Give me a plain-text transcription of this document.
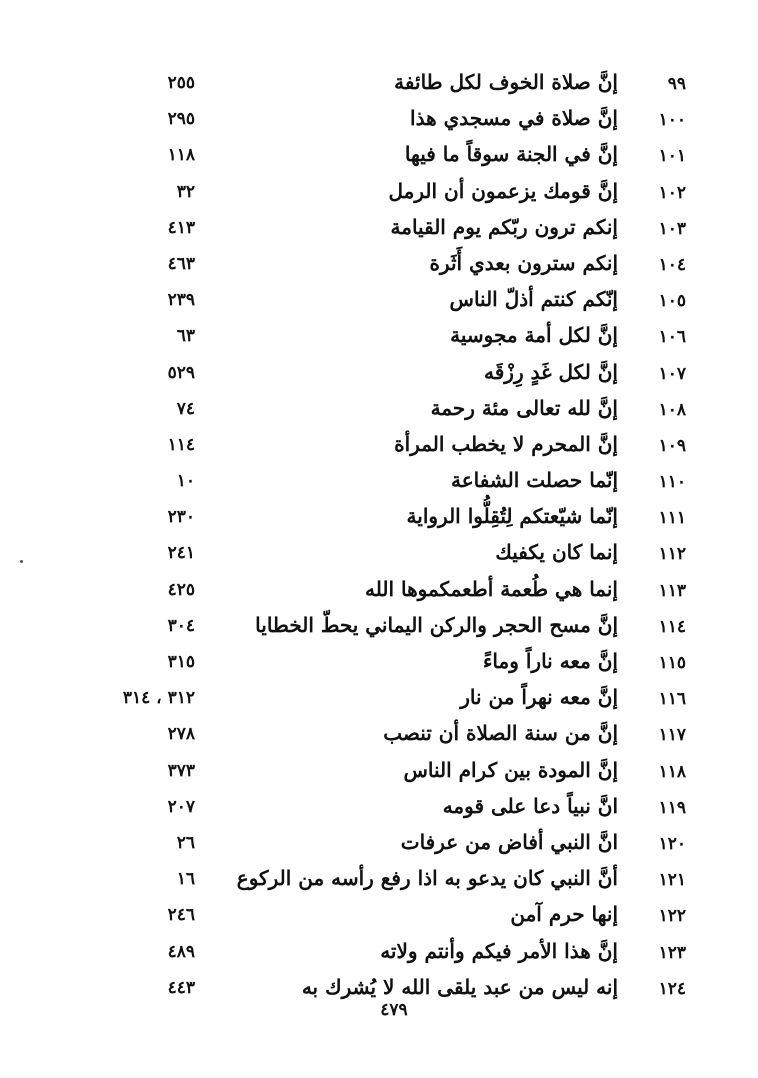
٩٩
إنَّ صلاة الخوف لكل طائفة
٢٥٥
١٠٠
إنَّ صلاة في مسجدي هذا
٢٩٥
١٠١
إنَّ في الجنة سوقاً ما فيها
١١٨
١٠٢
إنَّ قومك يزعمون أن الرمل
٣٢
١٠٣
إنكم ترون ربّكم يوم القيامة
٤١٣
١٠٤
إنكم سترون بعدي أَثَرة
٤٦٣
١٠٥
إنّكم كنتم أذلّ الناس
٢٣٩
١٠٦
إنَّ لكل أمة مجوسية
٦٣
١٠٧
إنَّ لكل غَدٍ رِزْقَه
٥٢٩
١٠٨
إنَّ لله تعالى مئة رحمة
٧٤
١٠٩
إنَّ المحرم لا يخطب المرأة
١١٤
١١٠
إنّما حصلت الشفاعة
١٠
١١١
إنّما شيّعتكم لِتُقِلُّوا الرواية
٢٣٠
١١٢
إنما كان يكفيك
٢٤١
١١٣
إنما هي طُعمة أطعمكموها الله
٤٢٥
١١٤
إنَّ مسح الحجر والركن اليماني يحطّ الخطايا
٣٠٤
١١٥
إنَّ معه ناراً وماءً
٣١٥
١١٦
إنَّ معه نهراً من نار
٣١٢ ، ٣١٤
١١٧
إنَّ من سنة الصلاة أن تنصب
٢٧٨
١١٨
إنَّ المودة بين كرام الناس
٣٧٣
١١٩
انَّ نبياً دعا على قومه
٢٠٧
١٢٠
انَّ النبي أفاض من عرفات
٢٦
١٢١
أنَّ النبي كان يدعو به اذا رفع رأسه من الركوع
١٦
١٢٢
إنها حرم آمن
٢٤٦
١٢٣
إنَّ هذا الأمر فيكم وأنتم ولاته
٤٨٩
١٢٤
إنه ليس من عبد يلقى الله لا يُشرك به
٤٤٣
٤٧٩
